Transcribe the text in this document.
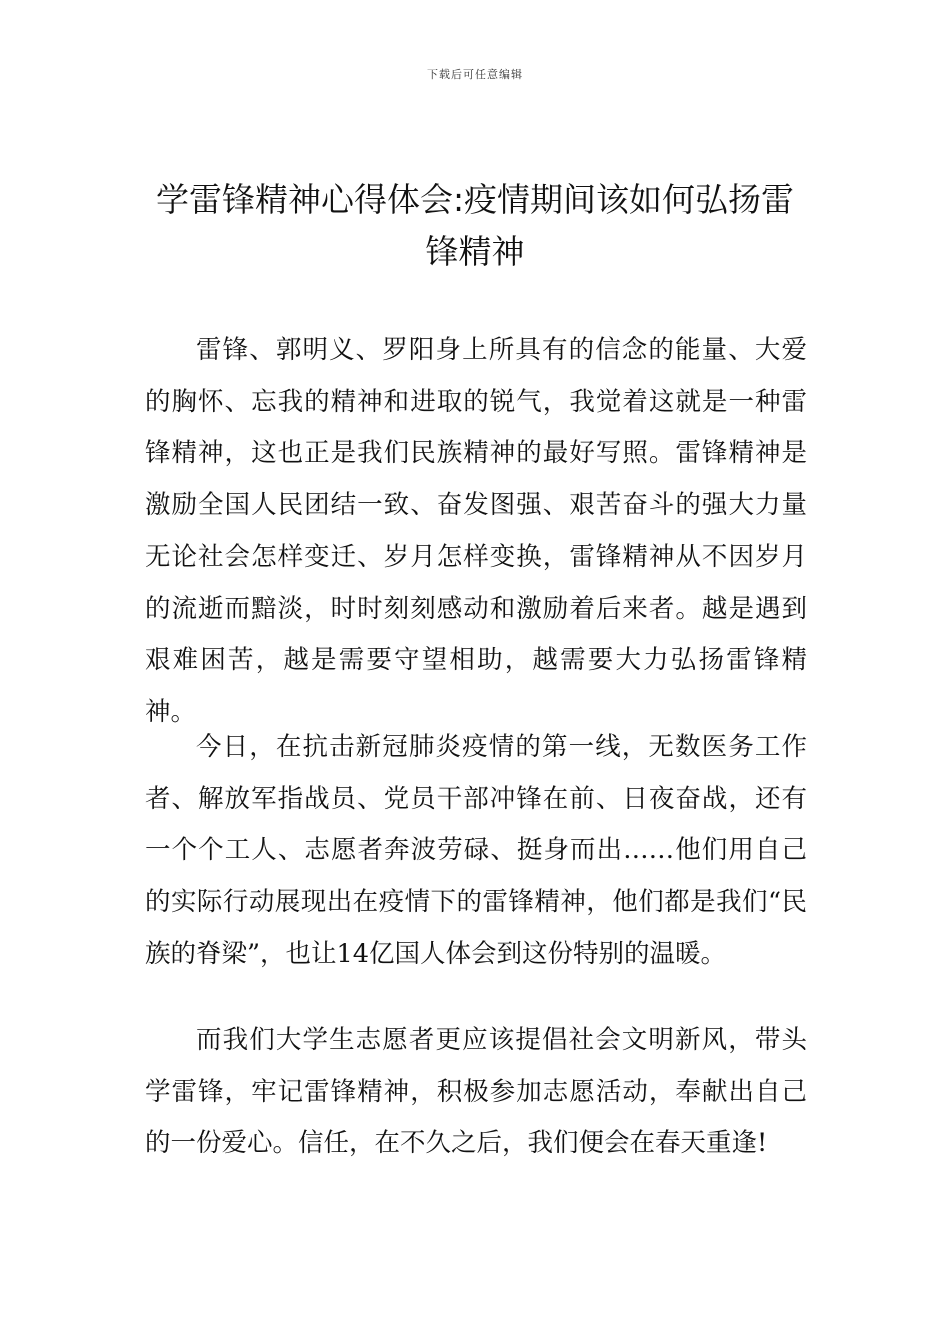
下载后可任意编辑
学雷锋精神心得体会:疫情期间该如何弘扬雷锋精神

雷锋、郭明义、罗阳身上所具有的信念的能量、大爱的胸怀、忘我的精神和进取的锐气，我觉着这就是一种雷锋精神，这也正是我们民族精神的最好写照。雷锋精神是激励全国人民团结一致、奋发图强、艰苦奋斗的强大力量无论社会怎样变迁、岁月怎样变换，雷锋精神从不因岁月的流逝而黯淡，时时刻刻感动和激励着后来者。越是遇到艰难困苦，越是需要守望相助，越需要大力弘扬雷锋精神。

今日，在抗击新冠肺炎疫情的第一线，无数医务工作者、解放军指战员、党员干部冲锋在前、日夜奋战，还有一个个工人、志愿者奔波劳碌、挺身而出……他们用自己的实际行动展现出在疫情下的雷锋精神，他们都是我们“民族的脊梁”，也让14亿国人体会到这份特别的温暖。

而我们大学生志愿者更应该提倡社会文明新风，带头学雷锋，牢记雷锋精神，积极参加志愿活动，奉献出自己的一份爱心。信任，在不久之后，我们便会在春天重逢!
